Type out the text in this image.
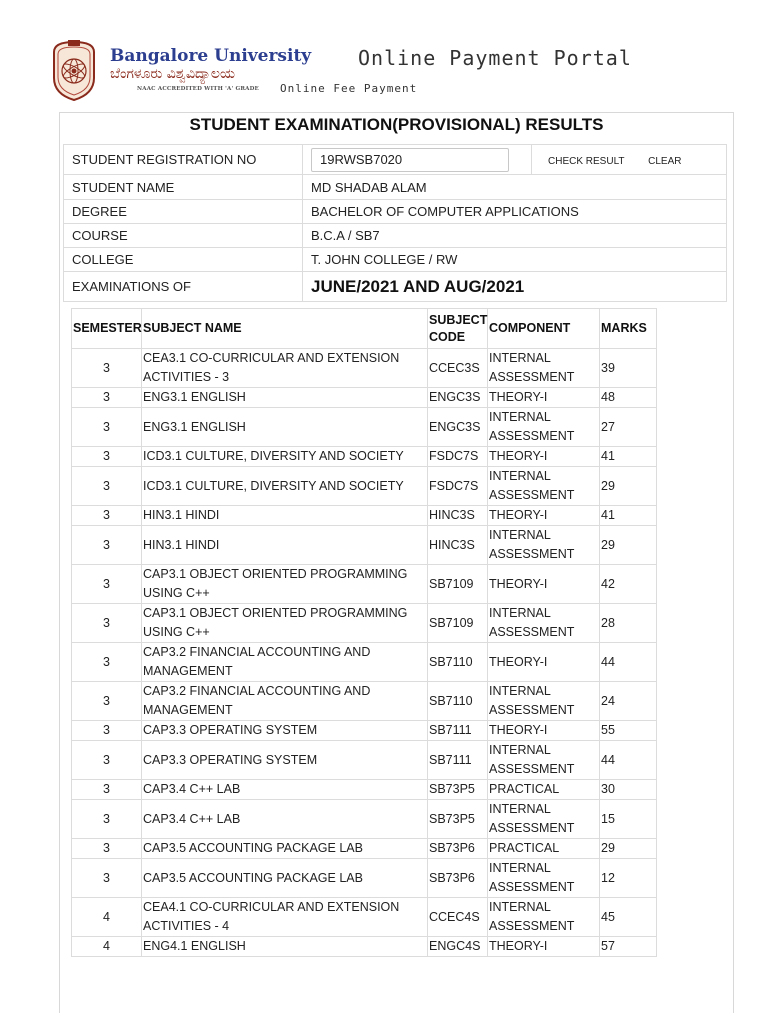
Bangalore University
ಬೆಂಗಳೂರು ವಿಶ್ವವಿದ್ಯಾಲಯ
NAAC ACCREDITED WITH 'A' GRADE
Online Payment Portal
Online Fee Payment
STUDENT EXAMINATION(PROVISIONAL) RESULTS
STUDENT REGISTRATION NO	19RWSB7020	CHECK RESULT CLEAR
STUDENT NAME	MD SHADAB ALAM	
DEGREE	BACHELOR OF COMPUTER APPLICATIONS	
COURSE	B.C.A / SB7	
COLLEGE	T. JOHN COLLEGE / RW	
EXAMINATIONS OF	JUNE/2021 AND AUG/2021	
SEMESTER	SUBJECT NAME	SUBJECT CODE	COMPONENT	MARKS
3	CEA3.1 CO-CURRICULAR AND EXTENSION ACTIVITIES - 3	CCEC3S	INTERNAL ASSESSMENT	39
3	ENG3.1 ENGLISH	ENGC3S	THEORY-I	48
3	ENG3.1 ENGLISH	ENGC3S	INTERNAL ASSESSMENT	27
3	ICD3.1 CULTURE, DIVERSITY AND SOCIETY	FSDC7S	THEORY-I	41
3	ICD3.1 CULTURE, DIVERSITY AND SOCIETY	FSDC7S	INTERNAL ASSESSMENT	29
3	HIN3.1 HINDI	HINC3S	THEORY-I	41
3	HIN3.1 HINDI	HINC3S	INTERNAL ASSESSMENT	29
3	CAP3.1 OBJECT ORIENTED PROGRAMMING USING C++	SB7109	THEORY-I	42
3	CAP3.1 OBJECT ORIENTED PROGRAMMING USING C++	SB7109	INTERNAL ASSESSMENT	28
3	CAP3.2 FINANCIAL ACCOUNTING AND MANAGEMENT	SB7110	THEORY-I	44
3	CAP3.2 FINANCIAL ACCOUNTING AND MANAGEMENT	SB7110	INTERNAL ASSESSMENT	24
3	CAP3.3 OPERATING SYSTEM	SB7111	THEORY-I	55
3	CAP3.3 OPERATING SYSTEM	SB7111	INTERNAL ASSESSMENT	44
3	CAP3.4 C++ LAB	SB73P5	PRACTICAL	30
3	CAP3.4 C++ LAB	SB73P5	INTERNAL ASSESSMENT	15
3	CAP3.5 ACCOUNTING PACKAGE LAB	SB73P6	PRACTICAL	29
3	CAP3.5 ACCOUNTING PACKAGE LAB	SB73P6	INTERNAL ASSESSMENT	12
4	CEA4.1 CO-CURRICULAR AND EXTENSION ACTIVITIES - 4	CCEC4S	INTERNAL ASSESSMENT	45
4	ENG4.1 ENGLISH	ENGC4S	THEORY-I	57
